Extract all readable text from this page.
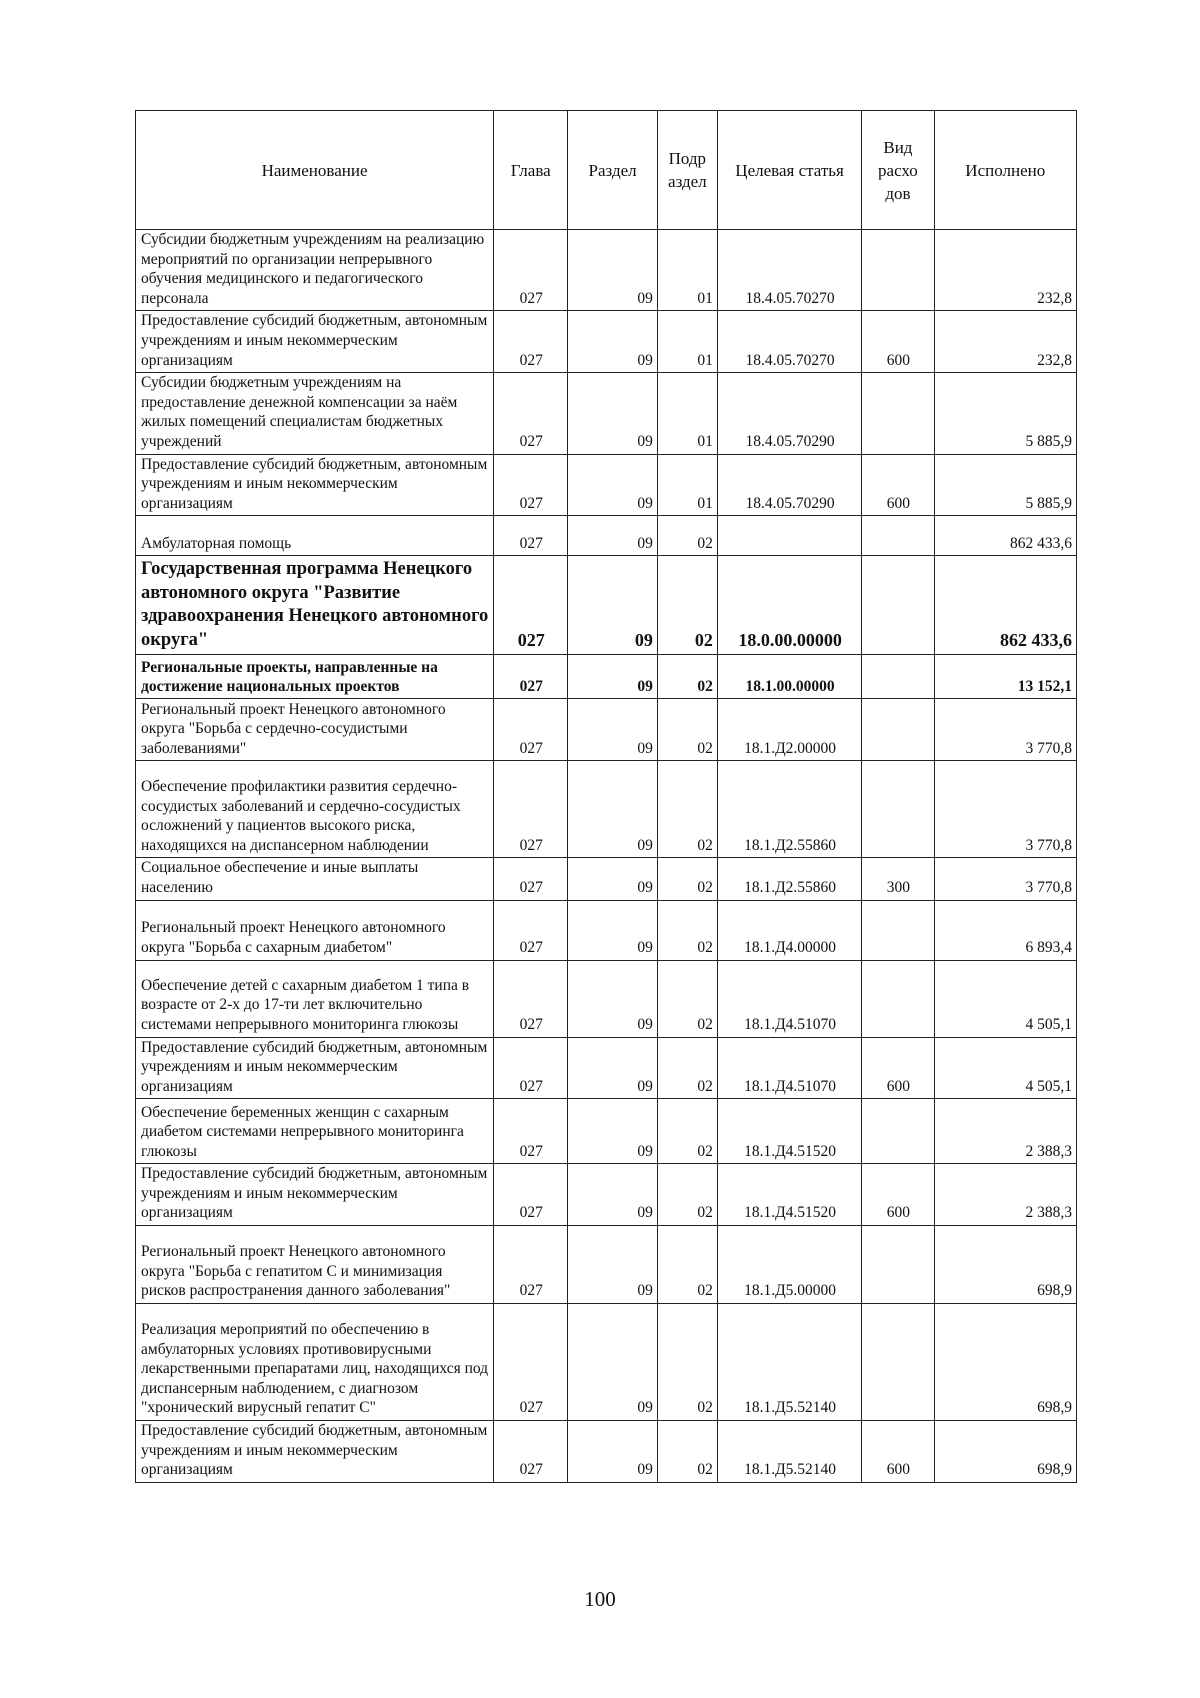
Наименование	Глава	Раздел	Подр аздел	Целевая статья	Вид расхо дов	Исполнено
Субсидии бюджетным учреждениям на реализацию мероприятий по организации непрерывного обучения медицинского и педагогического персонала	027	09	01	18.4.05.70270		232,8
Предоставление субсидий бюджетным, автономным учреждениям и иным некоммерческим организациям	027	09	01	18.4.05.70270	600	232,8
Субсидии бюджетным учреждениям на предоставление денежной компенсации за наём жилых помещений специалистам бюджетных учреждений	027	09	01	18.4.05.70290		5 885,9
Предоставление субсидий бюджетным, автономным учреждениям и иным некоммерческим организациям	027	09	01	18.4.05.70290	600	5 885,9
Амбулаторная помощь	027	09	02			862 433,6
Государственная программа Ненецкого автономного округа "Развитие здравоохранения Ненецкого автономного округа"	027	09	02	18.0.00.00000		862 433,6
Региональные проекты, направленные на достижение национальных проектов	027	09	02	18.1.00.00000		13 152,1
Региональный проект Ненецкого автономного округа "Борьба с сердечно-сосудистыми заболеваниями"	027	09	02	18.1.Д2.00000		3 770,8
Обеспечение профилактики развития сердечно-сосудистых заболеваний и сердечно-сосудистых осложнений у пациентов высокого риска, находящихся на диспансерном наблюдении	027	09	02	18.1.Д2.55860		3 770,8
Социальное обеспечение и иные выплаты населению	027	09	02	18.1.Д2.55860	300	3 770,8
Региональный проект Ненецкого автономного округа "Борьба с сахарным диабетом"	027	09	02	18.1.Д4.00000		6 893,4
Обеспечение детей с сахарным диабетом 1 типа в возрасте от 2-х до 17-ти лет включительно системами непрерывного мониторинга глюкозы	027	09	02	18.1.Д4.51070		4 505,1
Предоставление субсидий бюджетным, автономным учреждениям и иным некоммерческим организациям	027	09	02	18.1.Д4.51070	600	4 505,1
Обеспечение беременных женщин с сахарным диабетом системами непрерывного мониторинга глюкозы	027	09	02	18.1.Д4.51520		2 388,3
Предоставление субсидий бюджетным, автономным учреждениям и иным некоммерческим организациям	027	09	02	18.1.Д4.51520	600	2 388,3
Региональный проект Ненецкого автономного округа "Борьба с гепатитом С и минимизация рисков распространения данного заболевания"	027	09	02	18.1.Д5.00000		698,9
Реализация мероприятий по обеспечению в амбулаторных условиях противовирусными лекарственными препаратами лиц, находящихся под диспансерным наблюдением, с диагнозом "хронический вирусный гепатит С"	027	09	02	18.1.Д5.52140		698,9
Предоставление субсидий бюджетным, автономным учреждениям и иным некоммерческим организациям	027	09	02	18.1.Д5.52140	600	698,9
100
